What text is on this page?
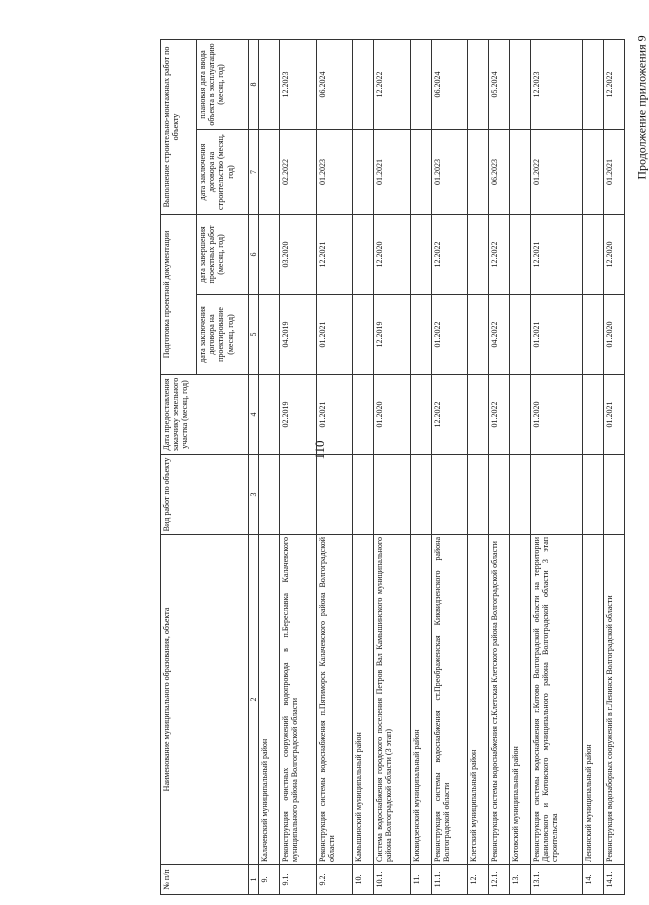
110
Продолжение приложения 9
№ п/п	Наименование муниципального образования, объекта	Вид работ по объекту	Дата предоставления заказчику земельного участка (месяц, год)	Подготовка проектной документации		Выполнение строительно-монтажных работ по объекту	
				дата заключения договора на проектирование (месяц, год)	дата завершения проектных работ (месяц, год)	дата заключения договора на строительство (месяц, год)	плановая дата ввода объекта в эксплуатацию (месяц, год)
1	2	3	4	5	6	7	8
9.	Калачевский муниципальный район						
9.1.	Реконструкция очистных сооружений водопровода в п.Береславка Калачевского муниципального района Волгоградской области		02.2019	04.2019	03.2020	02.2022	12.2023
9.2.	Реконструкция системы водоснабжения п.Пятиморск Калачевского района Волгоградской области		01.2021	01.2021	12.2021	01.2023	06.2024
10.	Камышинский муниципальный район						
10.1.	Система водоснабжения городского поселения Петров Вал Камышинского муниципального района Волгоградской области (3 этап)		01.2020	12.2019	12.2020	01.2021	12.2022
11.	Киквидзенский муниципальный район						
11.1.	Реконструкция системы водоснабжения ст.Преображенская Киквидзенского района Волгоградской области		12.2022	01.2022	12.2022	01.2023	06.2024
12.	Клетский муниципальный район						
12.1.	Реконструкция системы водоснабжения ст.Клетская Клетского района Волгоградской области		01.2022	04.2022	12.2022	06.2023	05.2024
13.	Котовский муниципальный район						
13.1.	Реконструкция системы водоснабжения г.Котово Волгоградской области на территории Даниловского и Котовского муниципального района Волгоградской области 3 этап строительства		01.2020	01.2021	12.2021	01.2022	12.2023
14.	Ленинский муниципальный район						
14.1.	Реконструкция водозаборных сооружений в г.Ленинск Волгоградской области		01.2021	01.2020	12.2020	01.2021	12.2022
